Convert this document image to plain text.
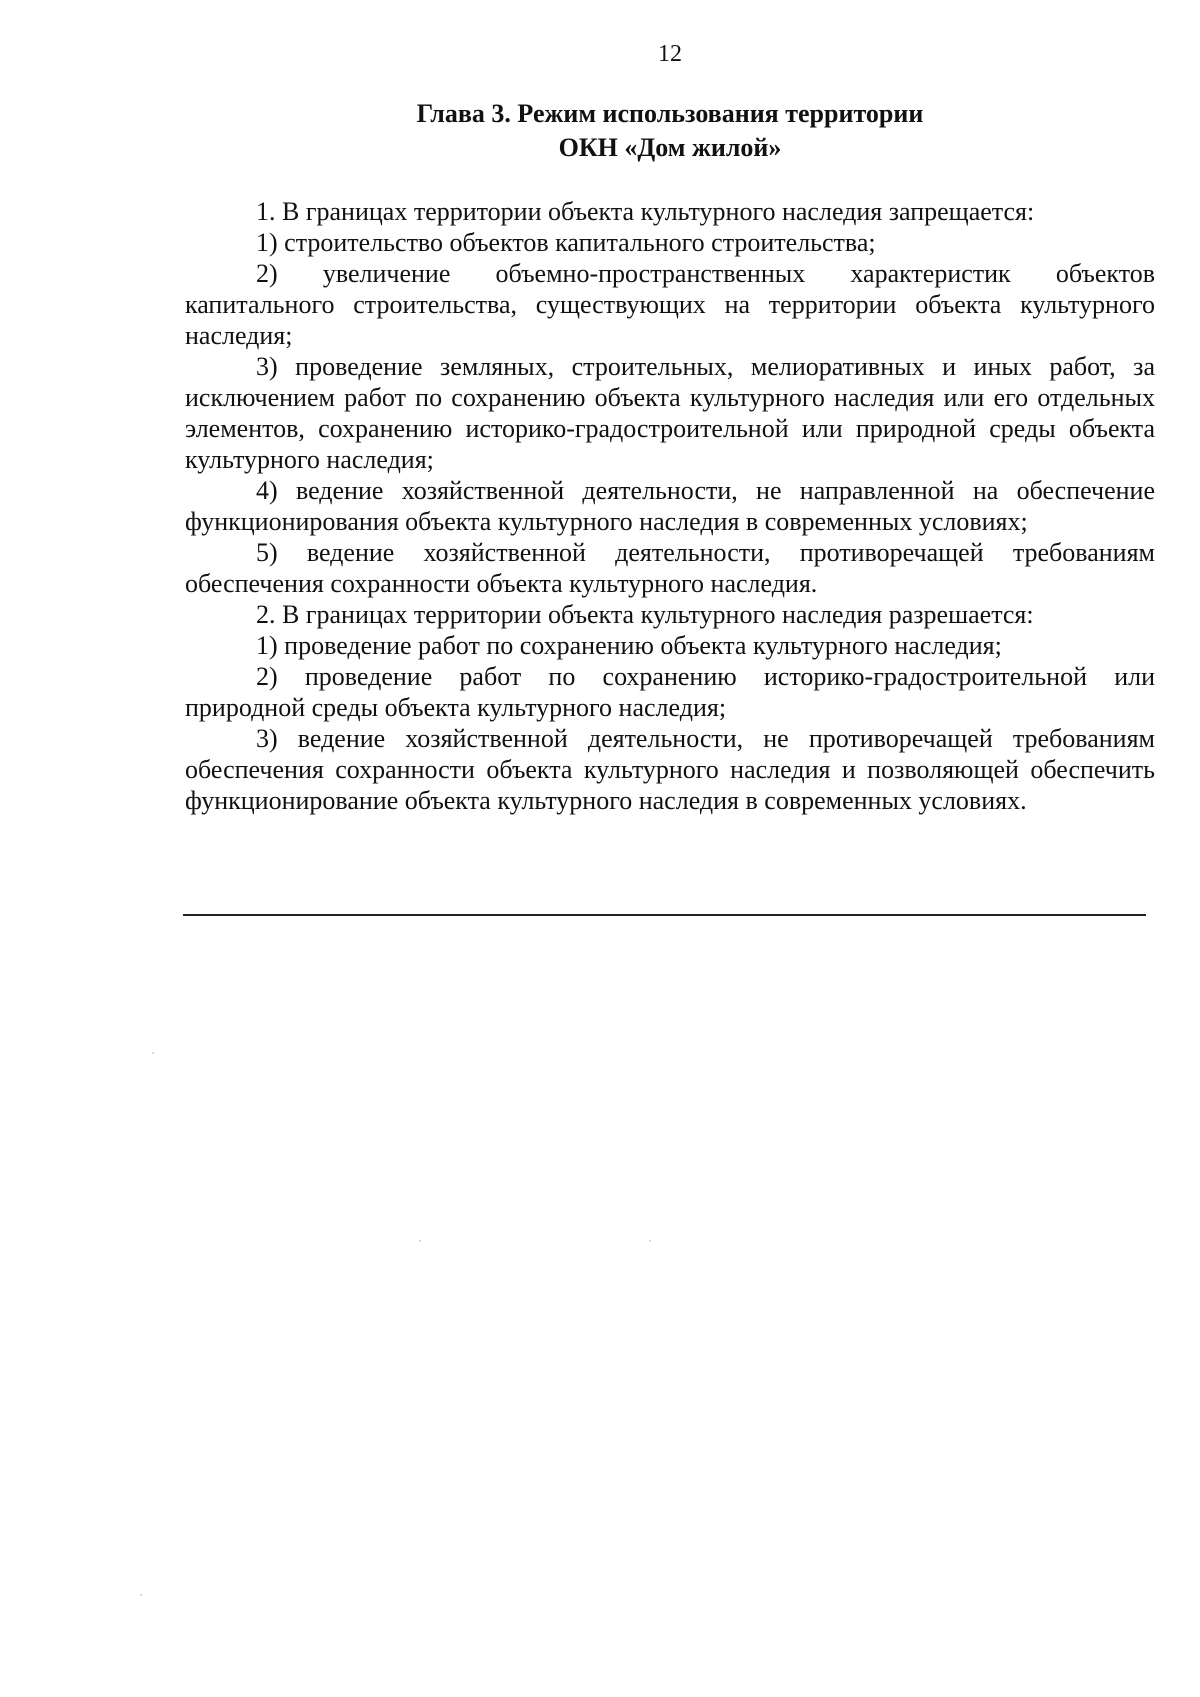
12
Глава 3. Режим использования территории
ОКН «Дом жилой»

1. В границах территории объекта культурного наследия запрещается:

1) строительство объектов капитального строительства;

2) увеличение объемно-пространственных характеристик объектов капитального строительства, существующих на территории объекта культурного наследия;

3) проведение земляных, строительных, мелиоративных и иных работ, за исключением работ по сохранению объекта культурного наследия или его отдельных элементов, сохранению историко-градостроительной или природной среды объекта культурного наследия;

4) ведение хозяйственной деятельности, не направленной на обеспечение функционирования объекта культурного наследия в современных условиях;

5) ведение хозяйственной деятельности, противоречащей требованиям обеспечения сохранности объекта культурного наследия.

2. В границах территории объекта культурного наследия разрешается:

1) проведение работ по сохранению объекта культурного наследия;

2) проведение работ по сохранению историко-градостроительной или природной среды объекта культурного наследия;

3) ведение хозяйственной деятельности, не противоречащей требованиям обеспечения сохранности объекта культурного наследия и позволяющей обеспечить функционирование объекта культурного наследия в современных условиях.
